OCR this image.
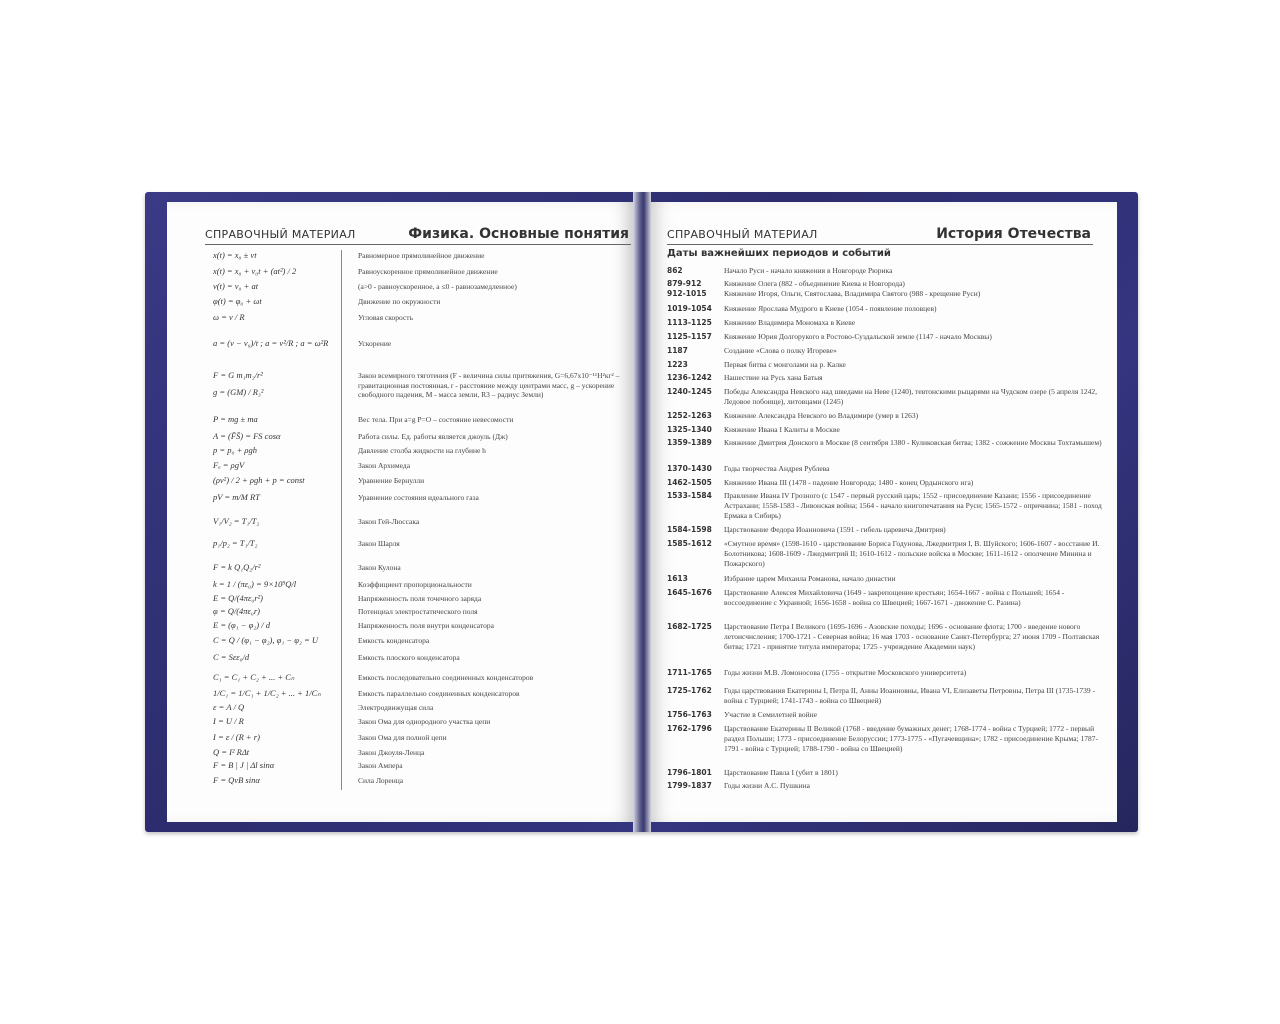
СПРАВОЧНЫЙ МАТЕРИАЛ	Физика. Основные понятия
x(t) = x₀ ± vt	Равномерное прямолинейное движение
x(t) = x₀ + v₀t + (at²) / 2	Равноускоренное прямолинейное движение
v(t) = v₀ + at	(a>0 - равноускоренное, a ≤0 - равнозамедленное)
φ(t) = φ₀ + ωt	Движение по окружности
ω = v / R	Угловая скорость
a = (v − v₀)/t ; a = v²/R ; a = ω²R	Ускорение
F = G m₁m₂/r²	Закон всемирного тяготения (F - величина силы притяжения, G=6,67х10⁻¹¹Н²кг² – гравитационная постоянная, r - расстояние между центрами масс, g – ускорение свободного падения, М - масса земли, R3 – радиус Земли)
g = (GM) / R₃²
P = mg ± ma	Вес тела. При a=g P=O – состояние невесомости
A = (F̄S̄) = FS cosα	Работа силы. Ед. работы является джоуль (Дж)
p = p₀ + ρgh	Давление столба жидкости на глубине h
Fₐ = ρgV	Закон Архимеда
(ρv²) / 2 + ρgh + p = const	Уравнение Бернулли
pV = m/M RT	Уравнение состояния идеального газа
V₁/V₂ = T₁/T₂	Закон Гей-Люссака
p₁/p₂ = T₁/T₂	Закон Шарля
F = k Q₁Q₂/r²	Закон Кулона
k = 1 / (πε₀) = 9×10⁹Q/l	Коэффициент пропорциональности
E = Q/(4πε₀r²)	Напряженность поля точечного заряда
φ = Q/(4πε₀r)	Потенциал электростатического поля
E = (φ₁ − φ₂) / d	Напряженность поля внутри конденсатора
C = Q / (φ₁ − φ₂), φ₁ − φ₂ = U	Емкость конденсатора
C = Sεε₀/d	Емкость плоского конденсатора
C₁ = C₁ + C₂ + ... + Cₙ	Емкость последовательно соединенных конденсаторов
1/C₁ = 1/C₁ + 1/C₂ + ... + 1/Cₙ	Емкость параллельно соединенных конденсаторов
ε = A / Q	Электродвижущая сила
I = U / R	Закон Ома для однородного участка цепи
I = ε / (R + r)	Закон Ома для полной цепи
Q = I² RΔt	Закон Джоуля-Ленца
F = B | J | Δl sinα	Закон Ампера
F = QvB sinα	Сила Лоренца
СПРАВОЧНЫЙ МАТЕРИАЛ	История Отечества
Даты важнейших периодов и событий
862	Начало Руси - начало княжения в Новгороде Рюрика
879-912	Княжение Олега (882 - объединение Киева и Новгорода)
912-1015	Княжение Игоря, Ольги, Святослава, Владимира Святого (988 - крещение Руси)
1019-1054	Княжение Ярослава Мудрого в Киеве (1054 - появление половцев)
1113-1125	Княжение Владимира Мономаха в Киеве
1125-1157	Княжение Юрия Долгорукого в Ростово-Суздальской земле (1147 - начало Москвы)
1187	Создание «Слова о полку Игореве»
1223	Первая битва с монголами на р. Калке
1236-1242	Нашествие на Русь хана Батыя
1240-1245	Победы Александра Невского над шведами на Неве (1240), тевтонскими рыцарями на Чудском озере (5 апреля 1242, Ледовое побоище), литовцами (1245)
1252-1263	Княжение Александра Невского во Владимире (умер в 1263)
1325-1340	Княжение Ивана I Калиты в Москве
1359-1389	Княжение Дмитрия Донского в Москве (8 сентября 1380 - Куликовская битва; 1382 - сожжение Москвы Тохтамышем)
1370-1430	Годы творчества Андрея Рублева
1462-1505	Княжение Ивана III (1478 - падение Новгорода; 1480 - конец Ордынского ига)
1533-1584	Правление Ивана IV Грозного (с 1547 - первый русский царь; 1552 - присоединение Казани; 1556 - присоединение Астрахани; 1558-1583 - Ливонская война; 1564 - начало книгопечатания на Руси; 1565-1572 - опричнина; 1581 - поход Ермака в Сибирь)
1584-1598	Царствование Федора Иоанновича (1591 - гибель царевича Дмитрия)
1585-1612	«Смутное время» (1598-1610 - царствование Бориса Годунова, Лжедмитрия I, В. Шуйского; 1606-1607 - восстание И. Болотникова; 1608-1609 - Лжедмитрий II; 1610-1612 - польские войска в Москве; 1611-1612 - ополчение Минина и Пожарского)
1613	Избрание царем Михаила Романова, начало династии
1645-1676	Царствование Алексея Михайловича (1649 - закрепощение крестьян; 1654-1667 - война с Польшей; 1654 - воссоединение с Украиной; 1656-1658 - война со Швецией; 1667-1671 - движение С. Разина)
1682-1725	Царствование Петра I Великого (1695-1696 - Азовские походы; 1696 - основание флота; 1700 - введение нового летоисчисления; 1700-1721 - Северная война; 16 мая 1703 - основание Санкт-Петербурга; 27 июня 1709 - Полтавская битва; 1721 - принятие титула императора; 1725 - учреждение Академии наук)
1711-1765	Годы жизни М.В. Ломоносова (1755 - открытие Московского университета)
1725-1762	Годы царствования Екатерины I, Петра II, Анны Иоанновны, Ивана VI, Елизаветы Петровны, Петра III (1735-1739 - война с Турцией; 1741-1743 - война со Швецией)
1756-1763	Участие в Семилетней войне
1762-1796	Царствование Екатерины II Великой (1768 - введение бумажных денег; 1768-1774 - война с Турцией; 1772 - первый раздел Польши; 1773 - присоединение Белоруссии; 1773-1775 - «Пугачевщина»; 1782 - присоединение Крыма; 1787-1791 - война с Турцией; 1788-1790 - война со Швецией)
1796-1801	Царствование Павла I (убит в 1801)
1799-1837	Годы жизни А.С. Пушкина
